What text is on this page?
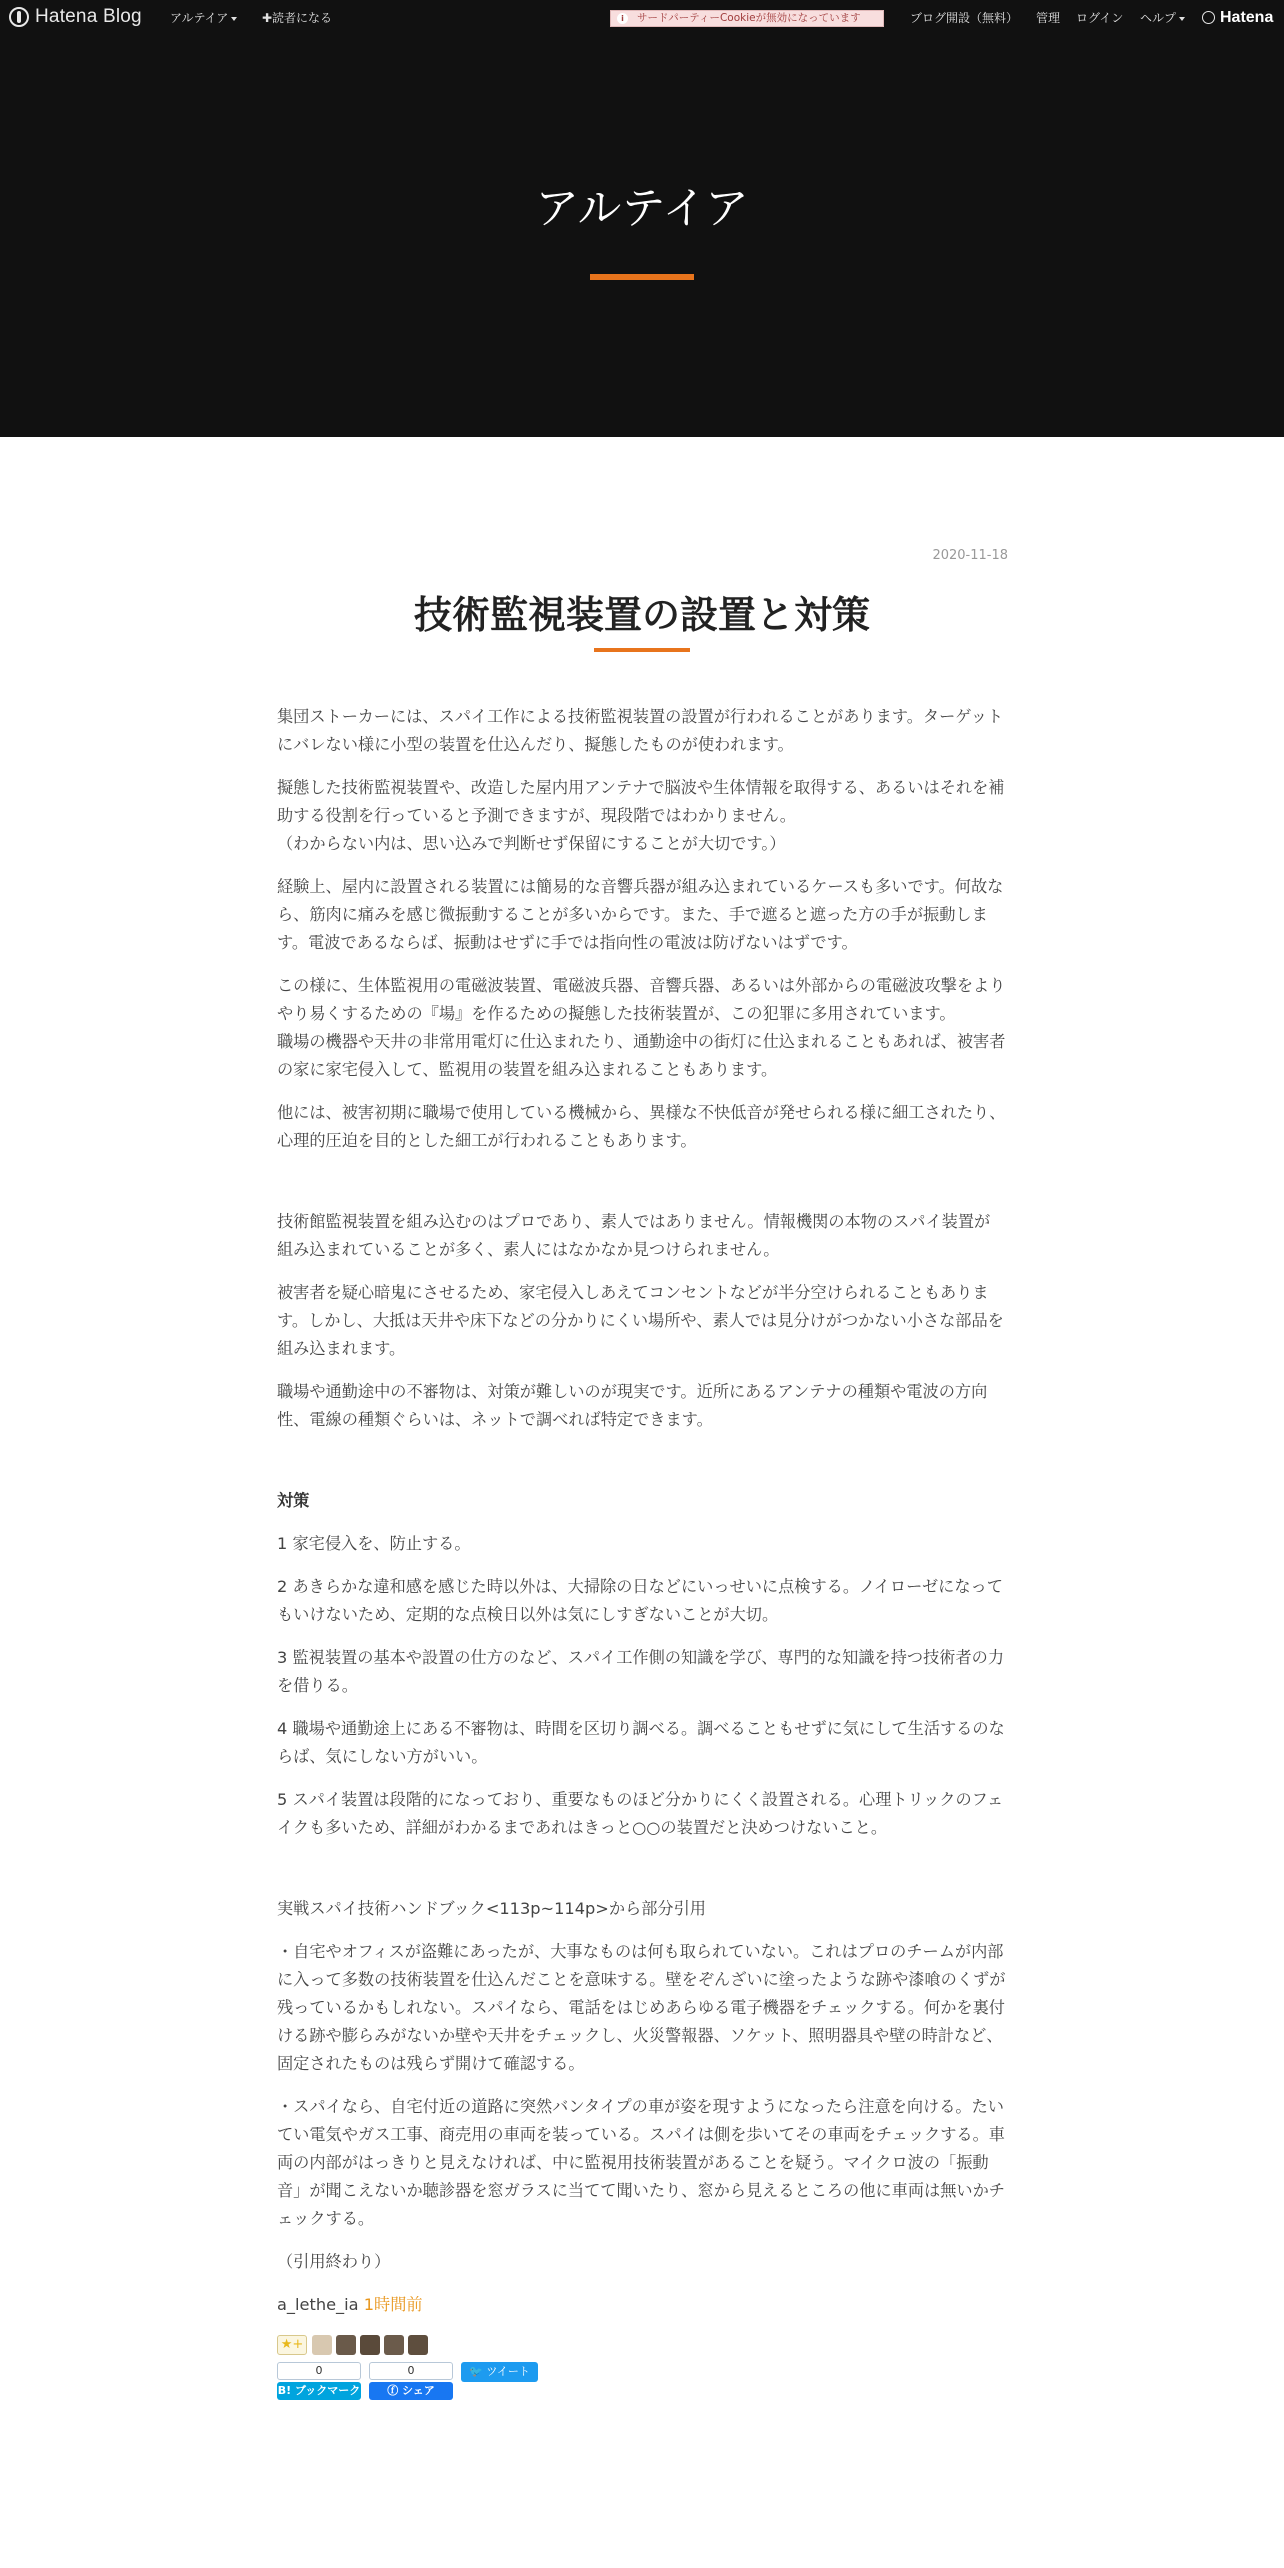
Hatena Blog アルテイア	✚読者になる	i	サードパーティーCookieが無効になっています	ブログ開設（無料） 管理 ログイン ヘルプ	Hatena
アルテイア
2020-11-18
技術監視装置の設置と対策

集団ストーカーには、スパイ工作による技術監視装置の設置が行われることがあります。ターゲットにバレない様に小型の装置を仕込んだり、擬態したものが使われます。

擬態した技術監視装置や、改造した屋内用アンテナで脳波や生体情報を取得する、あるいはそれを補助する役割を行っていると予測できますが、現段階ではわかりません。
（わからない内は、思い込みで判断せず保留にすることが大切です。）

経験上、屋内に設置される装置には簡易的な音響兵器が組み込まれているケースも多いです。何故なら、筋肉に痛みを感じ微振動することが多いからです。また、手で遮ると遮った方の手が振動します。電波であるならば、振動はせずに手では指向性の電波は防げないはずです。

この様に、生体監視用の電磁波装置、電磁波兵器、音響兵器、あるいは外部からの電磁波攻撃をよりやり易くするための『場』を作るための擬態した技術装置が、この犯罪に多用されています。
職場の機器や天井の非常用電灯に仕込まれたり、通勤途中の街灯に仕込まれることもあれば、被害者の家に家宅侵入して、監視用の装置を組み込まれることもあります。

他には、被害初期に職場で使用している機械から、異様な不快低音が発せられる様に細工されたり、心理的圧迫を目的とした細工が行われることもあります。

技術館監視装置を組み込むのはプロであり、素人ではありません。情報機関の本物のスパイ装置が組み込まれていることが多く、素人にはなかなか見つけられません。

被害者を疑心暗鬼にさせるため、家宅侵入しあえてコンセントなどが半分空けられることもあります。しかし、大抵は天井や床下などの分かりにくい場所や、素人では見分けがつかない小さな部品を組み込まれます。

職場や通勤途中の不審物は、対策が難しいのが現実です。近所にあるアンテナの種類や電波の方向性、電線の種類ぐらいは、ネットで調べれば特定できます。

対策

1 家宅侵入を、防止する。

2 あきらかな違和感を感じた時以外は、大掃除の日などにいっせいに点検する。ノイローゼになってもいけないため、定期的な点検日以外は気にしすぎないことが大切。

3 監視装置の基本や設置の仕方のなど、スパイ工作側の知識を学び、専門的な知識を持つ技術者の力を借りる。

4 職場や通勤途上にある不審物は、時間を区切り調べる。調べることもせずに気にして生活するのならば、気にしない方がいい。

5 スパイ装置は段階的になっており、重要なものほど分かりにくく設置される。心理トリックのフェイクも多いため、詳細がわかるまであれはきっと○○の装置だと決めつけないこと。

実戦スパイ技術ハンドブック<113p~114p>から部分引用

・自宅やオフィスが盗難にあったが、大事なものは何も取られていない。これはプロのチームが内部に入って多数の技術装置を仕込んだことを意味する。壁をぞんざいに塗ったような跡や漆喰のくずが残っているかもしれない。スパイなら、電話をはじめあらゆる電子機器をチェックする。何かを裏付ける跡や膨らみがないか壁や天井をチェックし、火災警報器、ソケット、照明器具や壁の時計など、固定されたものは残らず開けて確認する。

・スパイなら、自宅付近の道路に突然バンタイプの車が姿を現すようになったら注意を向ける。たいてい電気やガス工事、商売用の車両を装っている。スパイは側を歩いてその車両をチェックする。車両の内部がはっきりと見えなければ、中に監視用技術装置があることを疑う。マイクロ波の「振動音」が聞こえないか聴診器を窓ガラスに当てて聞いたり、窓から見えるところの他に車両は無いかチェックする。

（引用終わり）

a_lethe_ia 1時間前
★+
0
B! ブックマーク
0
ⓕ シェア
🐦 ツイート
